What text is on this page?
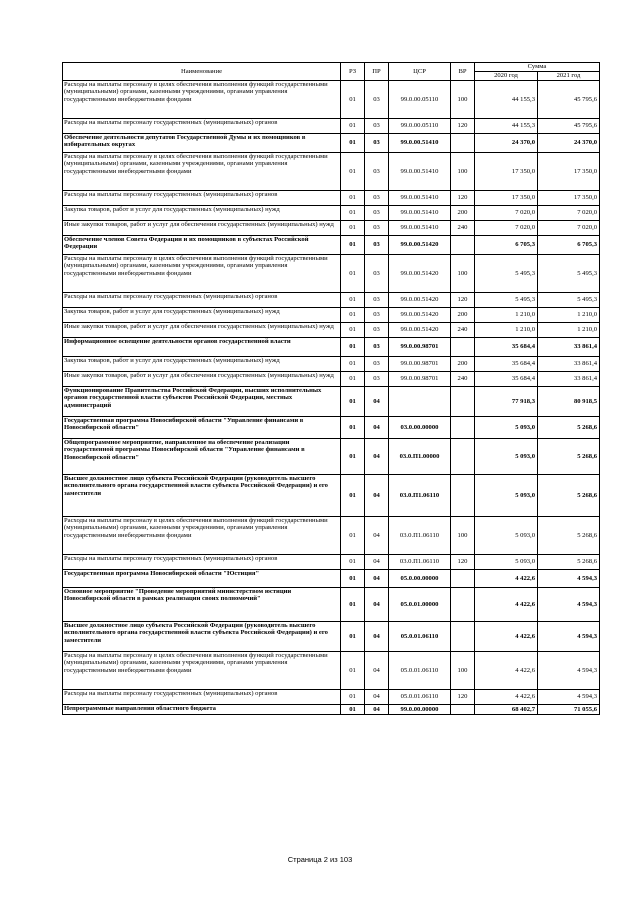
Наименование	РЗ	ПР	ЦСР	ВР	Сумма	
					2020 год	2021 год
Расходы на выплаты персоналу в целях обеспечения выполнения функций государственными (муниципальными) органами, казенными учреждениями, органами управления государственными внебюджетными фондами	01	03	99.0.00.05110	100	44 155,3	45 795,6
Расходы на выплаты персоналу государственных (муниципальных) органов	01	03	99.0.00.05110	120	44 155,3	45 795,6
Обеспечение деятельности депутатов Государственной Думы и их помощников в избирательных округах	01	03	99.0.00.51410		24 370,0	24 370,0
Расходы на выплаты персоналу в целях обеспечения выполнения функций государственными (муниципальными) органами, казенными учреждениями, органами управления государственными внебюджетными фондами	01	03	99.0.00.51410	100	17 350,0	17 350,0
Расходы на выплаты персоналу государственных (муниципальных) органов	01	03	99.0.00.51410	120	17 350,0	17 350,0
Закупка товаров, работ и услуг для государственных (муниципальных) нужд	01	03	99.0.00.51410	200	7 020,0	7 020,0
Иные закупки товаров, работ и услуг для обеспечения государственных (муниципальных) нужд	01	03	99.0.00.51410	240	7 020,0	7 020,0
Обеспечение членов Совета Федерации и их помощников в субъектах Российской Федерации	01	03	99.0.00.51420		6 705,3	6 705,3
Расходы на выплаты персоналу в целях обеспечения выполнения функций государственными (муниципальными) органами, казенными учреждениями, органами управления государственными внебюджетными фондами	01	03	99.0.00.51420	100	5 495,3	5 495,3
Расходы на выплаты персоналу государственных (муниципальных) органов	01	03	99.0.00.51420	120	5 495,3	5 495,3
Закупка товаров, работ и услуг для государственных (муниципальных) нужд	01	03	99.0.00.51420	200	1 210,0	1 210,0
Иные закупки товаров, работ и услуг для обеспечения государственных (муниципальных) нужд	01	03	99.0.00.51420	240	1 210,0	1 210,0
Информационное освещение деятельности органов государственной власти	01	03	99.0.00.98701		35 684,4	33 861,4
Закупка товаров, работ и услуг для государственных (муниципальных) нужд	01	03	99.0.00.98701	200	35 684,4	33 861,4
Иные закупки товаров, работ и услуг для обеспечения государственных (муниципальных) нужд	01	03	99.0.00.98701	240	35 684,4	33 861,4
Функционирование Правительства Российской Федерации, высших исполнительных органов государственной власти субъектов Российской Федерации, местных администраций	01	04			77 918,3	80 918,5
Государственная программа Новосибирской области "Управление финансами в Новосибирской области"	01	04	03.0.00.00000		5 093,0	5 268,6
Общепрограммное мероприятие, направленное на обеспечение реализации государственной программы Новосибирской области "Управление финансами в Новосибирской области"	01	04	03.0.П1.00000		5 093,0	5 268,6
Высшее должностное лицо субъекта Российской Федерации (руководитель высшего исполнительного органа государственной власти субъекта Российской Федерации) и его заместители	01	04	03.0.П1.06110		5 093,0	5 268,6
Расходы на выплаты персоналу в целях обеспечения выполнения функций государственными (муниципальными) органами, казенными учреждениями, органами управления государственными внебюджетными фондами	01	04	03.0.П1.06110	100	5 093,0	5 268,6
Расходы на выплаты персоналу государственных (муниципальных) органов	01	04	03.0.П1.06110	120	5 093,0	5 268,6
Государственная программа Новосибирской области "Юстиция"	01	04	05.0.00.00000		4 422,6	4 594,3
Основное мероприятие "Проведение мероприятий министерством юстиции Новосибирской области в рамках реализации своих полномочий"	01	04	05.0.01.00000		4 422,6	4 594,3
Высшее должностное лицо субъекта Российской Федерации (руководитель высшего исполнительного органа государственной власти субъекта Российской Федерации) и его заместители	01	04	05.0.01.06110		4 422,6	4 594,3
Расходы на выплаты персоналу в целях обеспечения выполнения функций государственными (муниципальными) органами, казенными учреждениями, органами управления государственными внебюджетными фондами	01	04	05.0.01.06110	100	4 422,6	4 594,3
Расходы на выплаты персоналу государственных (муниципальных) органов	01	04	05.0.01.06110	120	4 422,6	4 594,3
Непрограммные направления областного бюджета	01	04	99.0.00.00000		68 402,7	71 055,6
Страница 2 из 103
